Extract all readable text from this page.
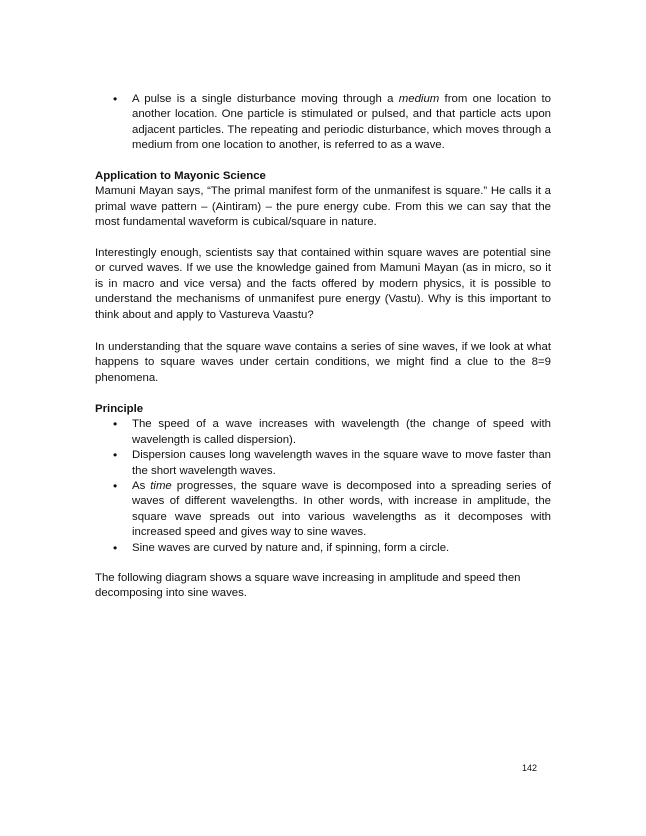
• A pulse is a single disturbance moving through a medium from one location to another location. One particle is stimulated or pulsed, and that particle acts upon adjacent particles. The repeating and periodic disturbance, which moves through a medium from one location to another, is referred to as a wave.

Application to Mayonic Science

Mamuni Mayan says, “The primal manifest form of the unmanifest is square.” He calls it a primal wave pattern – (Aintiram) – the pure energy cube. From this we can say that the most fundamental waveform is cubical/square in nature.

Interestingly enough, scientists say that contained within square waves are potential sine or curved waves. If we use the knowledge gained from Mamuni Mayan (as in micro, so it is in macro and vice versa) and the facts offered by modern physics, it is possible to understand the mechanisms of unmanifest pure energy (Vastu). Why is this important to think about and apply to Vastureva Vaastu?

In understanding that the square wave contains a series of sine waves, if we look at what happens to square waves under certain conditions, we might find a clue to the 8=9 phenomena.

Principle

• The speed of a wave increases with wavelength (the change of speed with wavelength is called dispersion).
• Dispersion causes long wavelength waves in the square wave to move faster than the short wavelength waves.
• As time progresses, the square wave is decomposed into a spreading series of waves of different wavelengths. In other words, with increase in amplitude, the square wave spreads out into various wavelengths as it decomposes with increased speed and gives way to sine waves.
• Sine waves are curved by nature and, if spinning, form a circle.

The following diagram shows a square wave increasing in amplitude and speed then decomposing into sine waves.

142
